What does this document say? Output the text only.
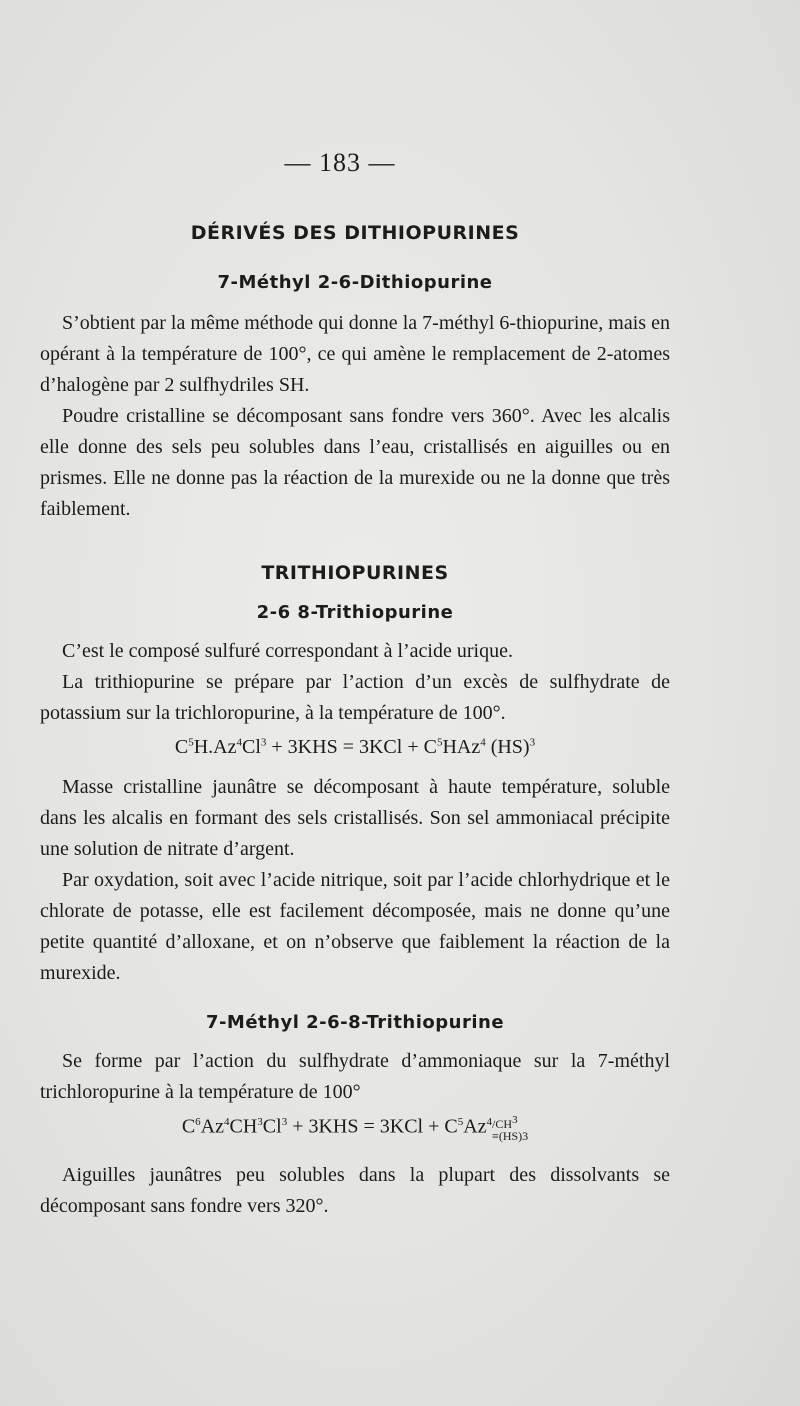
— 183 —
DÉRIVÉS DES DITHIOPURINES
7-Méthyl 2-6-Dithiopurine

S’obtient par la même méthode qui donne la 7-méthyl 6-thiopurine, mais en opérant à la température de 100°, ce qui amène le remplacement de 2-atomes d’halogène par 2 sulfhydriles SH.

Poudre cristalline se décomposant sans fondre vers 360°. Avec les alcalis elle donne des sels peu solubles dans l’eau, cristallisés en aiguilles ou en prismes. Elle ne donne pas la réaction de la murexide ou ne la donne que très faiblement.

TRITHIOPURINES
2-6 8-Trithiopurine

C’est le composé sulfuré correspondant à l’acide urique.

La trithiopurine se prépare par l’action d’un excès de sulfhydrate de potassium sur la trichloropurine, à la température de 100°.

$C^5H.Az^4Cl^3 + 3KHS = 3KCl + C^5HAz^4$ (HS)$^3$

Masse cristalline jaunâtre se décomposant à haute température, soluble dans les alcalis en formant des sels cristallisés. Son sel ammoniacal précipite une solution de nitrate d’argent.

Par oxydation, soit avec l’acide nitrique, soit par l’acide chlorhydrique et le chlorate de potasse, elle est facilement décomposée, mais ne donne qu’une petite quantité d’alloxane, et on n’observe que faiblement la réaction de la murexide.

7-Méthyl 2-6-8-Trithiopurine

Se forme par l’action du sulfhydrate d’ammoniaque sur la 7-méthyl trichloropurine à la température de 100°

$C^6Az^4CH^3Cl^3 + 3KHS = 3KCl + C^5Az^4/CH^3$
≡(HS)3

Aiguilles jaunâtres peu solubles dans la plupart des dissolvants se décomposant sans fondre vers 320°.
